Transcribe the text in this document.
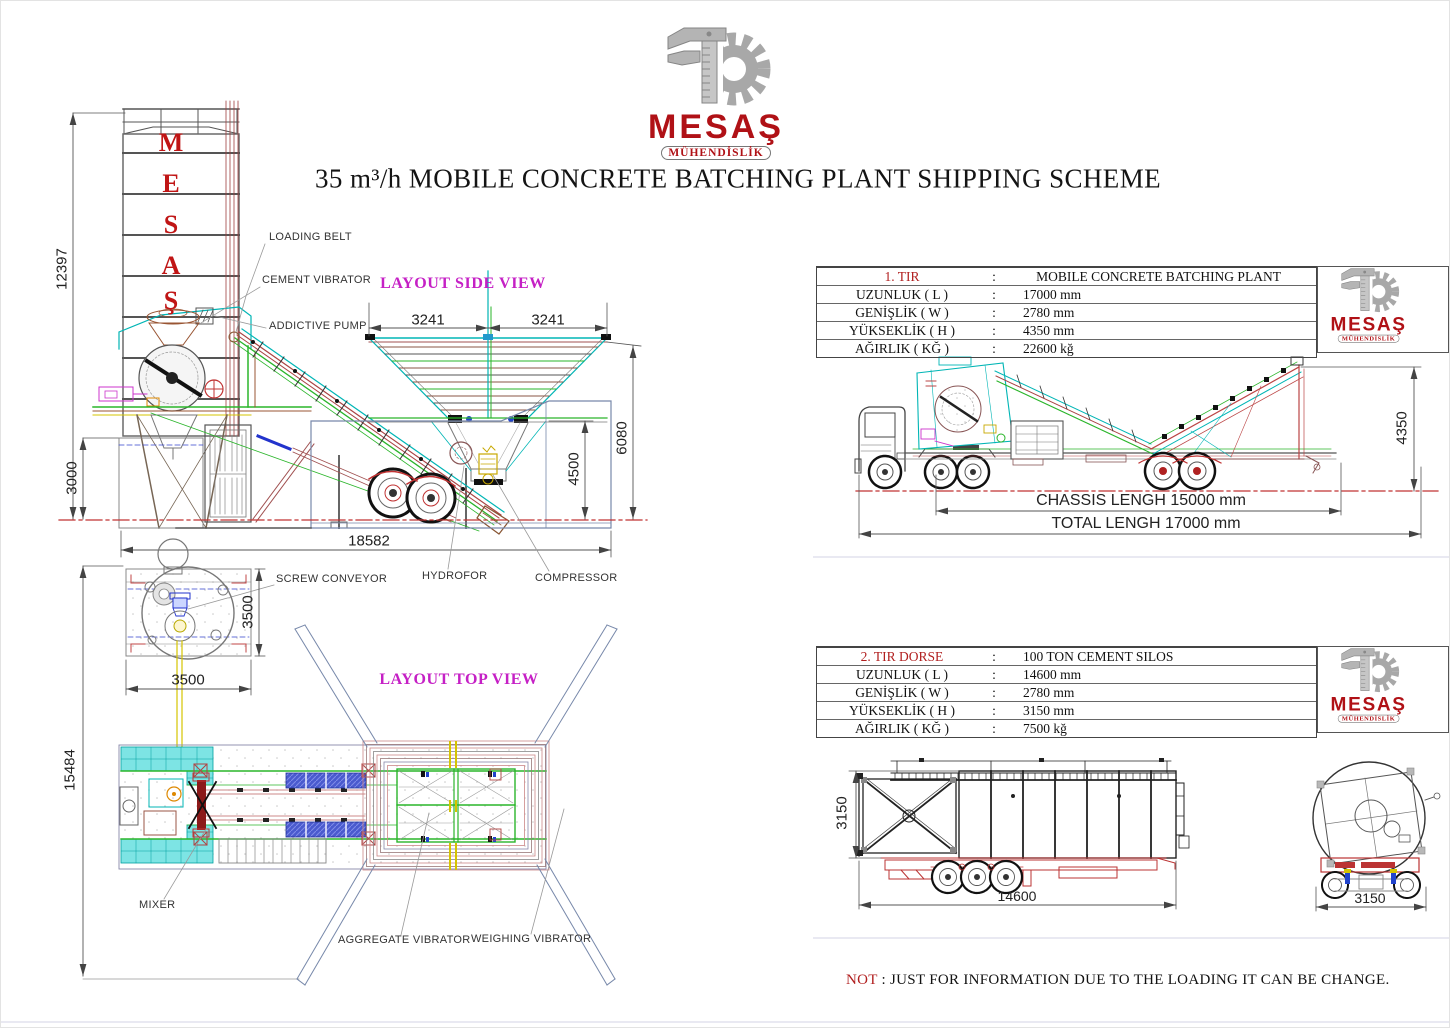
35 m³/h MOBILE CONCRETE BATCHING PLANT SHIPPING SCHEME
LAYOUT SIDE VIEW
LAYOUT TOP VIEW
M
E
S
A
Ş
LOADING BELT
CEMENT VIBRATOR
ADDICTIVE PUMP
SCREW CONVEYOR	HYDROFOR	COMPRESSOR
MIXER
AGGREGATE VIBRATOR WEIGHING VIBRATOR
12397
3000
18582
3241	3241
4500
6080
3500
3500
15484
4350
CHASSIS LENGH 15000 mm
TOTAL LENGH 17000 mm
3150
14600	3150
1. TIR	:	MOBILE CONCRETE BATCHING PLANT
UZUNLUK ( L )	:	17000 mm
GENİŞLİK ( W )	:	2780 mm
YÜKSEKLİK ( H )	:	4350 mm
AĞIRLIK ( KĞ )	:	22600 kğ
2. TIR DORSE	:	100 TON CEMENT SILOS
UZUNLUK ( L )	:	14600 mm
GENİŞLİK ( W )	:	2780 mm
YÜKSEKLİK ( H )	:	3150 mm
AĞIRLIK ( KĞ )	:	7500 kğ
MESAŞ
MÜHENDİSLİK
MESAŞ
MÜHENDİSLİK
MESAŞ
MÜHENDİSLİK
NOT : JUST FOR INFORMATION DUE TO THE LOADING IT CAN BE CHANGE.
